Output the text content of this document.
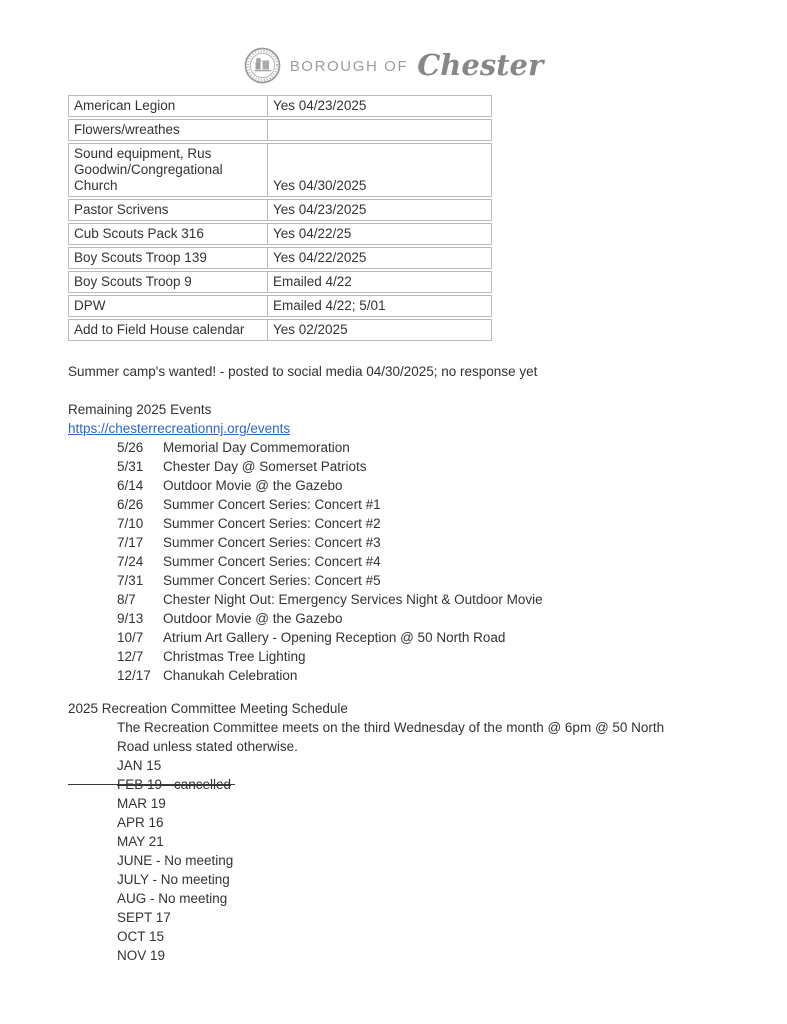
BOROUGH OF Chester
American Legion	Yes 04/23/2025
Flowers/wreathes
Sound equipment, Rus Goodwin/Congregational Church	Yes 04/30/2025
Pastor Scrivens	Yes 04/23/2025
Cub Scouts Pack 316	Yes 04/22/25
Boy Scouts Troop 139	Yes 04/22/2025
Boy Scouts Troop 9	Emailed 4/22
DPW	Emailed 4/22; 5/01
Add to Field House calendar	Yes 02/2025

Summer camp's wanted! - posted to social media 04/30/2025; no response yet

Remaining 2025 Events

https://chesterrecreationnj.org/events
5/26	Memorial Day Commemoration
5/31	Chester Day @ Somerset Patriots
6/14	Outdoor Movie @ the Gazebo
6/26	Summer Concert Series: Concert #1
7/10	Summer Concert Series: Concert #2
7/17	Summer Concert Series: Concert #3
7/24	Summer Concert Series: Concert #4
7/31	Summer Concert Series: Concert #5
8/7	Chester Night Out: Emergency Services Night & Outdoor Movie
9/13	Outdoor Movie @ the Gazebo
10/7	Atrium Art Gallery - Opening Reception @ 50 North Road
12/7	Christmas Tree Lighting
12/17 Chanukah Celebration

2025 Recreation Committee Meeting Schedule

The Recreation Committee meets on the third Wednesday of the month @ 6pm @ 50 North
Road unless stated otherwise.
JAN 15
FEB 19 - cancelled
MAR 19
APR 16
MAY 21
JUNE - No meeting
JULY - No meeting
AUG - No meeting
SEPT 17
OCT 15
NOV 19
